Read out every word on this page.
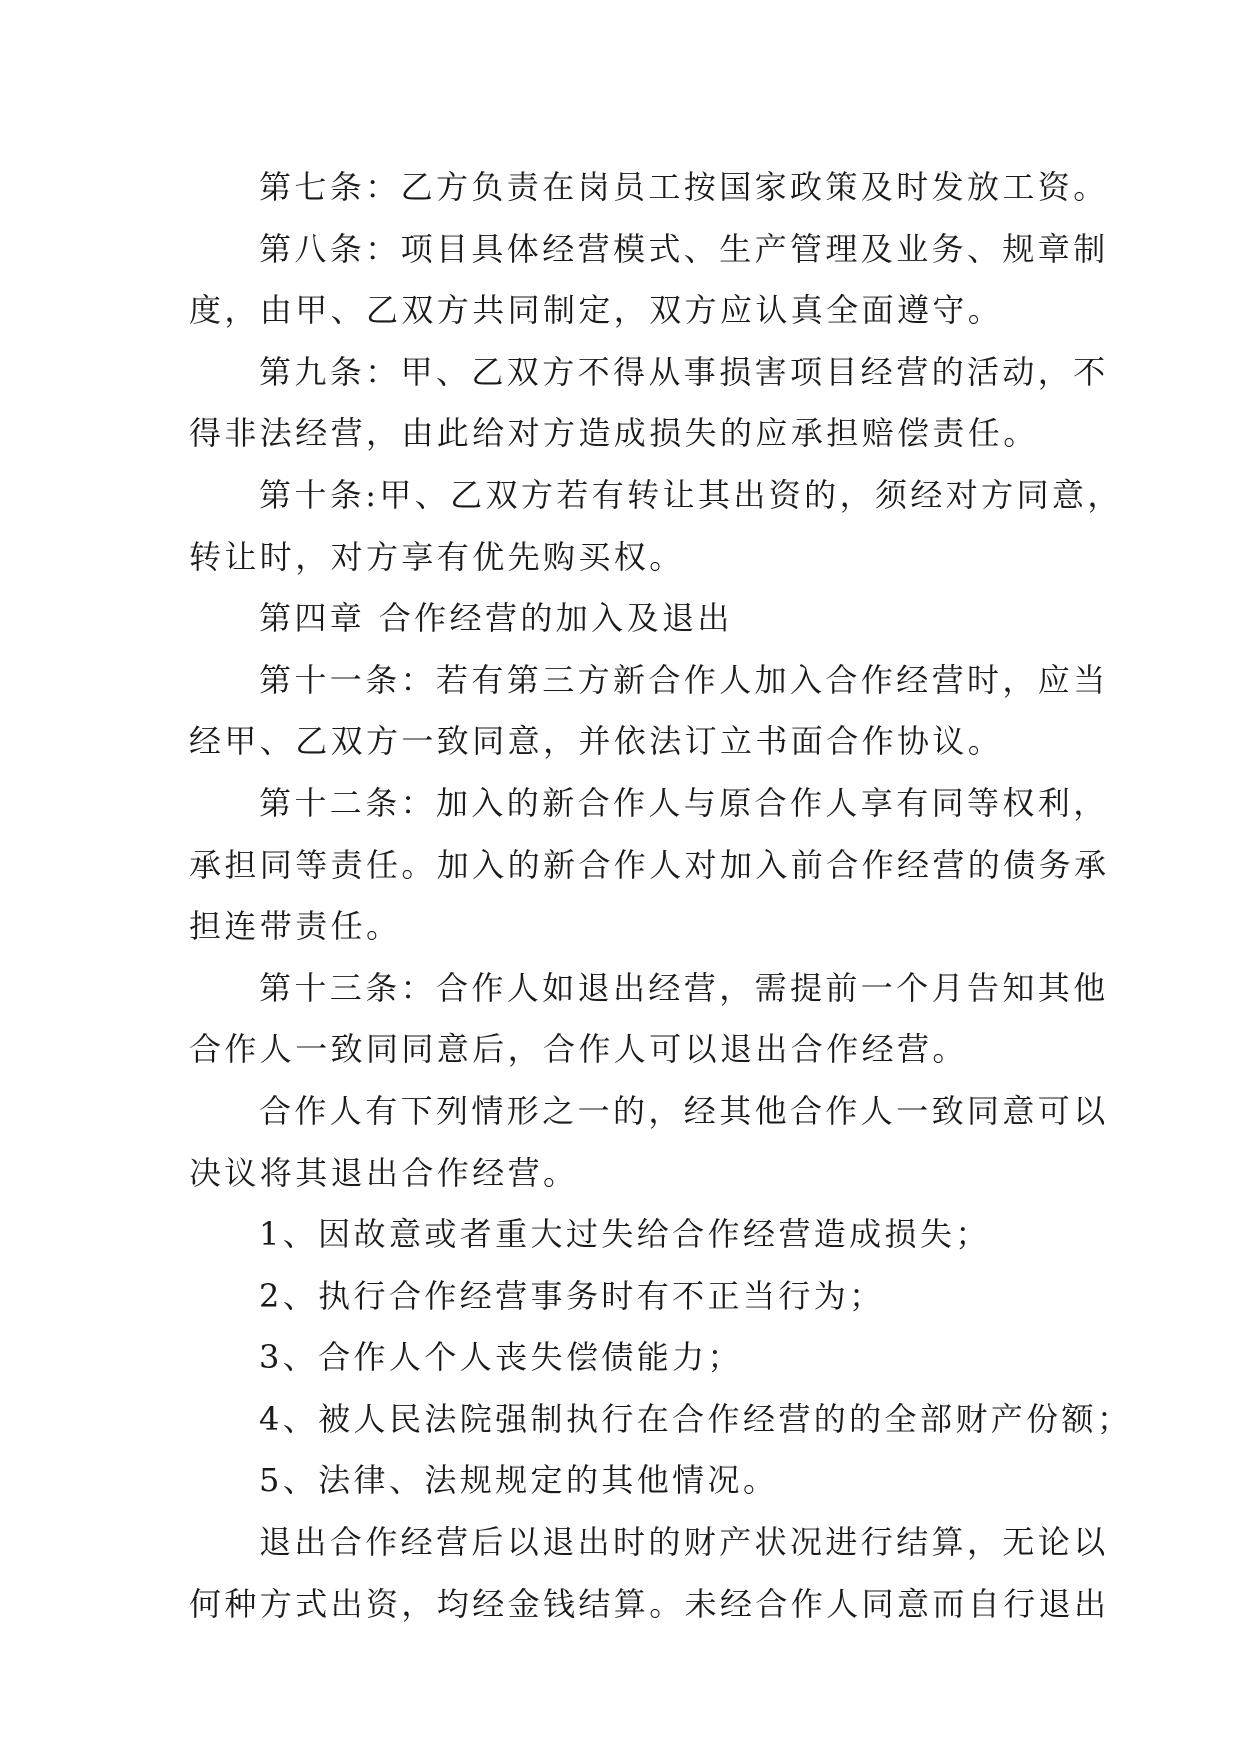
第七条：乙方负责在岗员工按国家政策及时发放工资。
第八条：项目具体经营模式、生产管理及业务、规章制
度，由甲、乙双方共同制定，双方应认真全面遵守。
第九条：甲、乙双方不得从事损害项目经营的活动，不
得非法经营，由此给对方造成损失的应承担赔偿责任。
第十条:甲、乙双方若有转让其出资的，须经对方同意，
转让时，对方享有优先购买权。
第四章 合作经营的加入及退出
第十一条：若有第三方新合作人加入合作经营时，应当
经甲、乙双方一致同意，并依法订立书面合作协议。
第十二条：加入的新合作人与原合作人享有同等权利，
承担同等责任。加入的新合作人对加入前合作经营的债务承
担连带责任。
第十三条：合作人如退出经营，需提前一个月告知其他
合作人一致同同意后，合作人可以退出合作经营。
合作人有下列情形之一的，经其他合作人一致同意可以
决议将其退出合作经营。
1、因故意或者重大过失给合作经营造成损失；
2、执行合作经营事务时有不正当行为；
3、合作人个人丧失偿债能力；
4、被人民法院强制执行在合作经营的的全部财产份额；
5、法律、法规规定的其他情况。
退出合作经营后以退出时的财产状况进行结算，无论以
何种方式出资，均经金钱结算。未经合作人同意而自行退出
